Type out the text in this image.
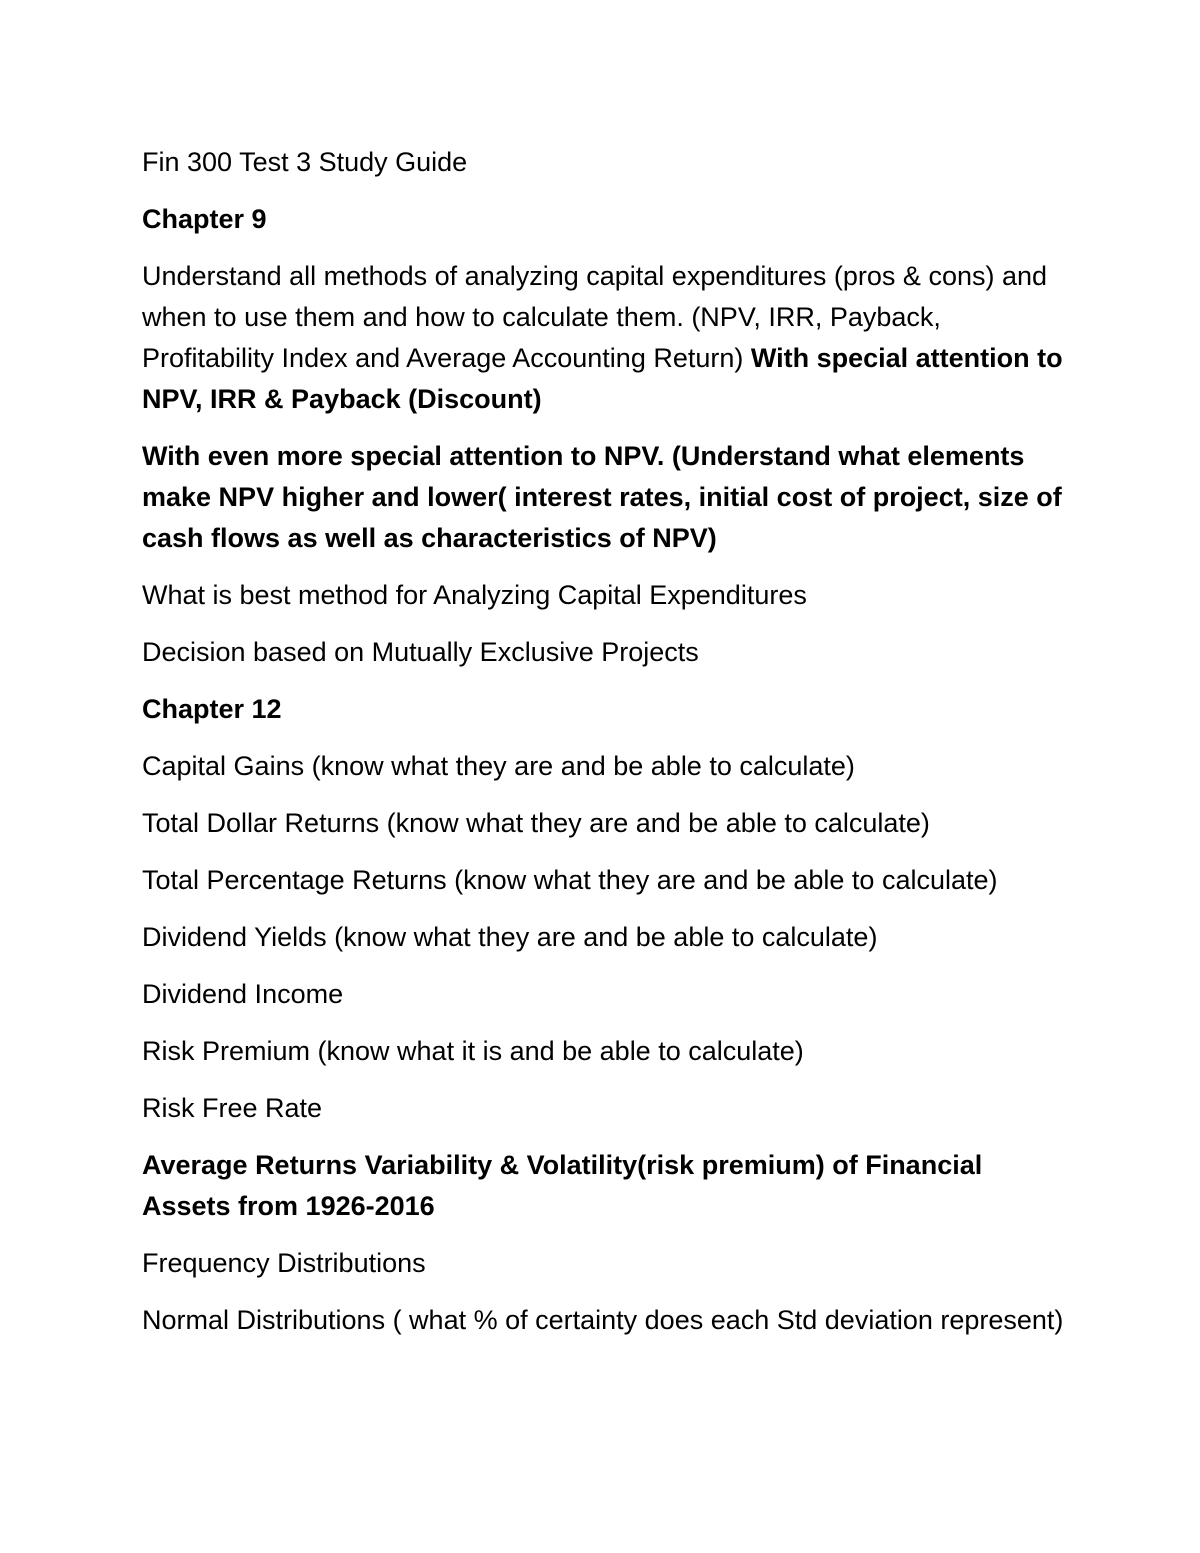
Fin 300 Test 3 Study Guide

Chapter 9

Understand all methods of analyzing capital expenditures (pros & cons) and when to use them and how to calculate them. (NPV, IRR, Payback, Profitability Index and Average Accounting Return) With special attention to NPV, IRR & Payback (Discount)

With even more special attention to NPV. (Understand what elements make NPV higher and lower( interest rates, initial cost of project, size of cash flows as well as characteristics of NPV)

What is best method for Analyzing Capital Expenditures

Decision based on Mutually Exclusive Projects

Chapter 12

Capital Gains (know what they are and be able to calculate)

Total Dollar Returns (know what they are and be able to calculate)

Total Percentage Returns (know what they are and be able to calculate)

Dividend Yields (know what they are and be able to calculate)

Dividend Income

Risk Premium (know what it is and be able to calculate)

Risk Free Rate

Average Returns Variability & Volatility(risk premium) of Financial Assets from 1926-2016

Frequency Distributions

Normal Distributions ( what % of certainty does each Std deviation represent)
